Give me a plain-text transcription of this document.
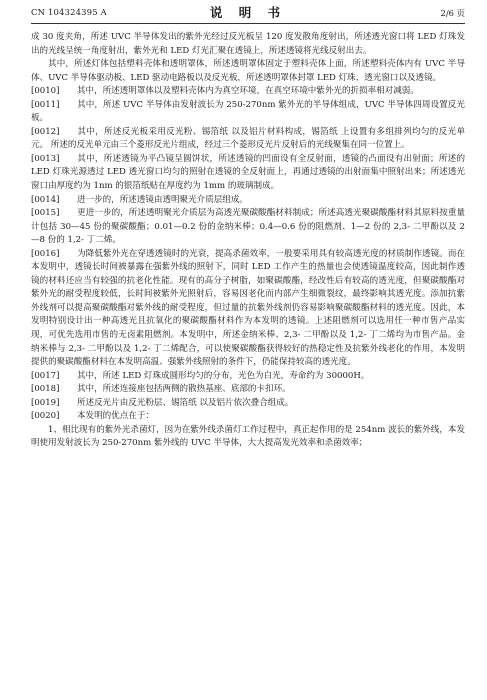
CN 104324395 A	说 明 书	2/6 页

成 30 度夹角，所述 UVC 半导体发出的紫外光经过反光板呈 120 度发散角度射出，所述透光窗口将 LED 灯珠发出的光线呈统一角度射出，紫外光和 LED 灯光汇聚在透镜上，所述透镜将光线反射出去。

其中，所述灯体包括塑料壳体和透明罩体，所述透明罩体固定于塑料壳体上面，所述塑料壳体内有 UVC 半导体、UVC 半导体驱动板、LED 驱动电路板以及反光板，所述透明罩体封罩 LED 灯珠、透光窗口以及透镜。

[0010] 其中，所述透明罩体以及塑料壳体内为真空环境，在真空环境中紫外光的折损率相对减弱。

[0011] 其中，所述 UVC 半导体由发射波长为 250-270nm 紫外光的半导体组成，UVC 半导体四周设置反光板。

[0012] 其中，所述反光板采用反光粉、锡箔纸 以及铝片材料构成，锡箔纸 上设置有多组排列均匀的反光单元。 所述的反光单元由三个菱形反光片组成，经过三个菱形反光片反射后的光线聚集在同一位置上。

[0013] 其中，所述透镜为平凸镜呈圆饼状，所述透镜的凹面设有全反射面，透镜的凸面设有出射面；所述的 LED 灯珠光源透过 LED 透光窗口均匀的照射在透镜的全反射面上，再通过透镜的出射面集中照射出来；所述透光窗口由厚度约为 1nm 的银箔纸贴在厚度约为 1mm 的玻璃制成。

[0014] 进一步的，所述透镜由透明聚光介质层组成。

[0015] 更进一步的，所述透明聚光介质层为高透光聚碳酸酯材料制成；所述高透光聚碳酸酯材料其原料按重量计包括 30—45 份的聚碳酸酯；0.01—0.2 份的金纳米棒；0.4—0.6 份的阻燃剂、1—2 份的 2,3- 二甲酚以及 2—8 份的 1,2- 丁二烯。

[0016] 为降低紫外光在穿透透镜时的光衰，提高杀菌效率，一般要采用具有较高透光度的材质制作透镜。而在本发明中，透镜长时间被暴露在强紫外线的照射下，同时 LED 工作产生的热量也会使透镜温度较高，因此制作透镜的材料还应当有较强的抗老化性能。现有的高分子树脂，如聚碳酸酯，经改性后有较高的透光度，但聚碳酸酯对紫外光的耐受程度较低，长时间被紫外光照射后，容易因老化而内部产生细微裂纹，最终影响其透光度。添加抗紫外线剂可以提高聚碳酸酯对紫外线的耐受程度，但过量的抗紫外线剂仍容易影响聚碳酸酯材料的透光度。因此，本发明特别设计出一种高透光且抗氧化的聚碳酸酯材料作为本发明的透镜。上述阻燃剂可以选用任一种市售产品实现，可优先选用市售的无卤素阻燃剂。本发明中，所述金纳米棒、2,3- 二甲酚以及 1,2- 丁二烯均为市售产品。金纳米棒与 2,3- 二甲酚以及 1,2- 丁二烯配合，可以使聚碳酸酯获得较好的热稳定性及抗紫外线老化的作用，本发明提供的聚碳酸酯材料在本发明高温、强紫外线照射的条件下，仍能保持较高的透光度。

[0017] 其中，所述 LED 灯珠成圆形均匀的分布，光色为白光，寿命约为 30000H。

[0018] 其中，所述连接座包括两侧的散热基座、底部的卡扣环。

[0019] 所述反光片由反光粉层、锡箔纸 以及铝片依次叠合组成。

[0020] 本发明的优点在于：

1、相比现有的紫外光杀菌灯，因为在紫外线杀菌灯工作过程中，真正起作用的是 254nm 波长的紫外线，本发明使用发射波长为 250-270nm 紫外线的 UVC 半导体，大大提高发光效率和杀菌效率；
